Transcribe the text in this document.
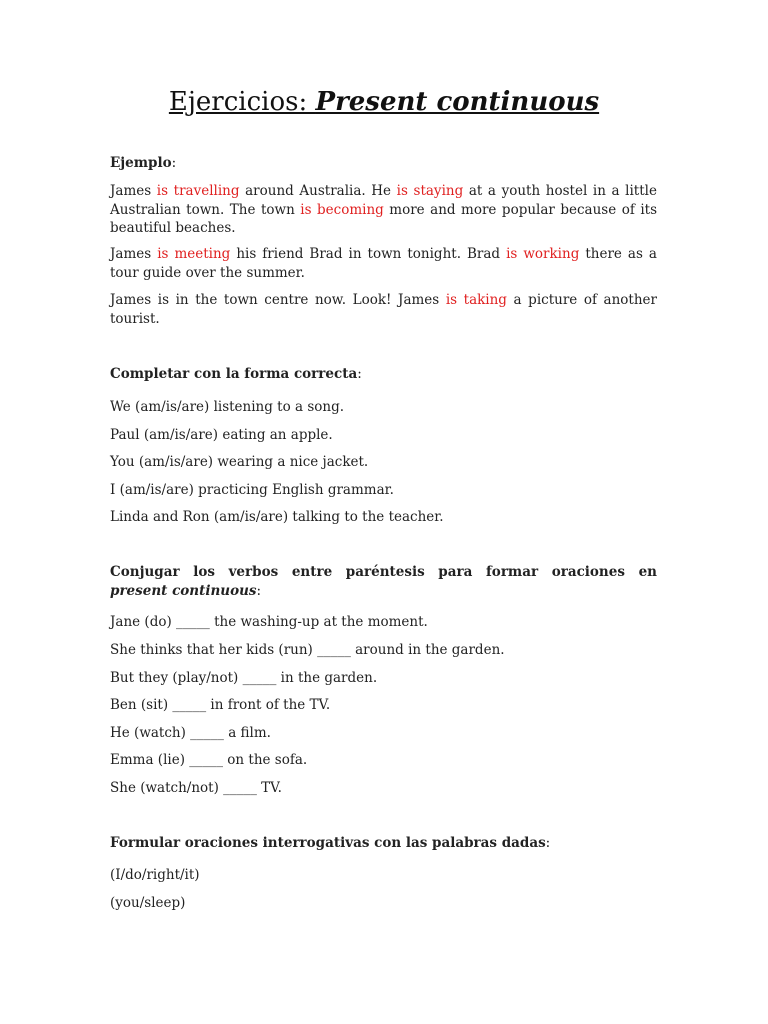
Ejercicios: Present continuous

Ejemplo:

James is travelling around Australia. He is staying at a youth hostel in a little Australian town. The town is becoming more and more popular because of its beautiful beaches.

James is meeting his friend Brad in town tonight. Brad is working there as a tour guide over the summer.

James is in the town centre now. Look! James is taking a picture of another tourist.

Completar con la forma correcta:

We (am/is/are) listening to a song.

Paul (am/is/are) eating an apple.

You (am/is/are) wearing a nice jacket.

I (am/is/are) practicing English grammar.

Linda and Ron (am/is/are) talking to the teacher.

Conjugar los verbos entre paréntesis para formar oraciones en

present continuous:

Jane (do) _____ the washing-up at the moment.

She thinks that her kids (run) _____ around in the garden.

But they (play/not) _____ in the garden.

Ben (sit) _____ in front of the TV.

He (watch) _____ a film.

Emma (lie) _____ on the sofa.

She (watch/not) _____ TV.

Formular oraciones interrogativas con las palabras dadas:

(I/do/right/it)

(you/sleep)
